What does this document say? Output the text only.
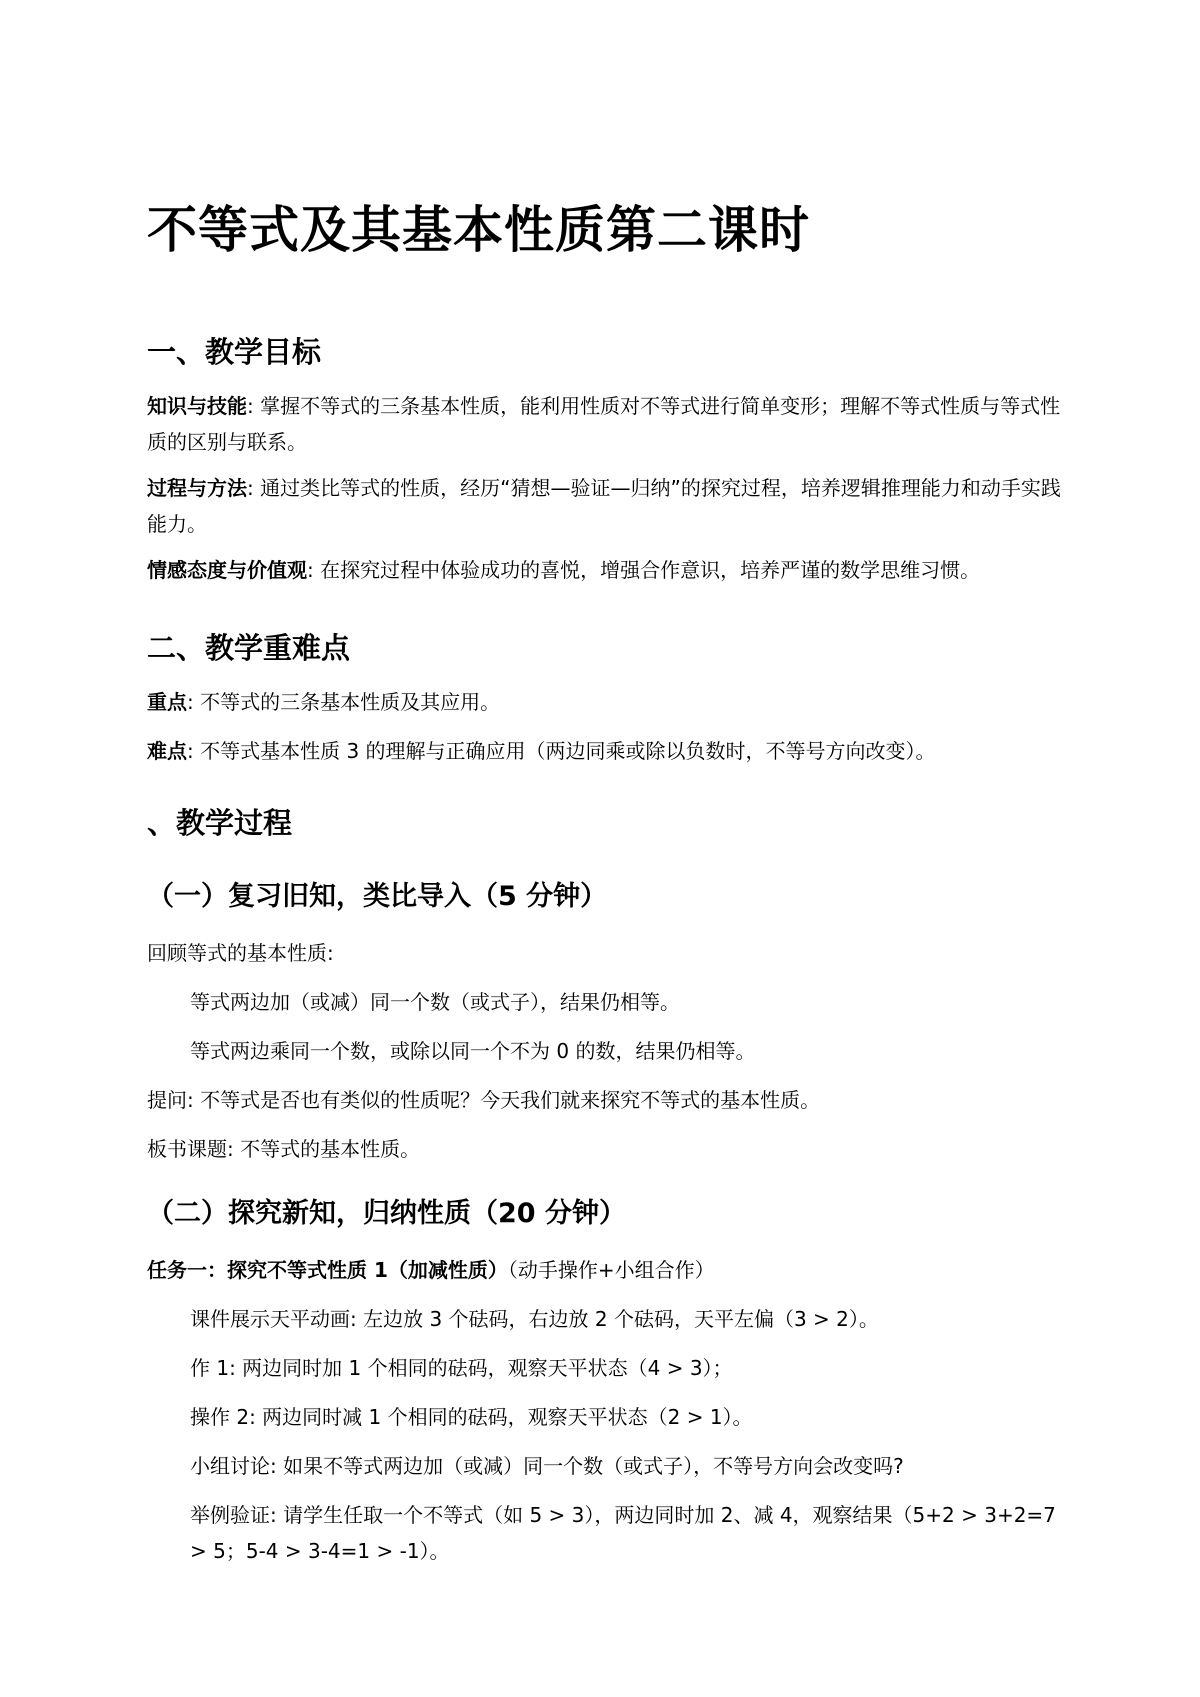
不等式及其基本性质第二课时
一、教学目标
知识与技能: 掌握不等式的三条基本性质，能利用性质对不等式进行简单变形；理解不等式性质与等式性质的区别与联系。
过程与方法: 通过类比等式的性质，经历“猜想—验证—归纳”的探究过程，培养逻辑推理能力和动手实践能力。
情感态度与价值观: 在探究过程中体验成功的喜悦，增强合作意识，培养严谨的数学思维习惯。
二、教学重难点
重点: 不等式的三条基本性质及其应用。
难点: 不等式基本性质 3 的理解与正确应用（两边同乘或除以负数时，不等号方向改变）。
、教学过程
（一）复习旧知，类比导入（5 分钟）
回顾等式的基本性质:
等式两边加（或减）同一个数（或式子），结果仍相等。
等式两边乘同一个数，或除以同一个不为 0 的数，结果仍相等。
提问: 不等式是否也有类似的性质呢？今天我们就来探究不等式的基本性质。
板书课题: 不等式的基本性质。
（二）探究新知，归纳性质（20 分钟）
任务一：探究不等式性质 1（加减性质）（动手操作+小组合作）
课件展示天平动画: 左边放 3 个砝码，右边放 2 个砝码，天平左偏（3 > 2）。
作 1: 两边同时加 1 个相同的砝码，观察天平状态（4 > 3）；
操作 2: 两边同时减 1 个相同的砝码，观察天平状态（2 > 1）。
小组讨论: 如果不等式两边加（或减）同一个数（或式子），不等号方向会改变吗?
举例验证: 请学生任取一个不等式（如 5 > 3），两边同时加 2、减 4，观察结果（5+2 > 3+2=7 > 5；5-4 > 3-4=1 > -1）。
